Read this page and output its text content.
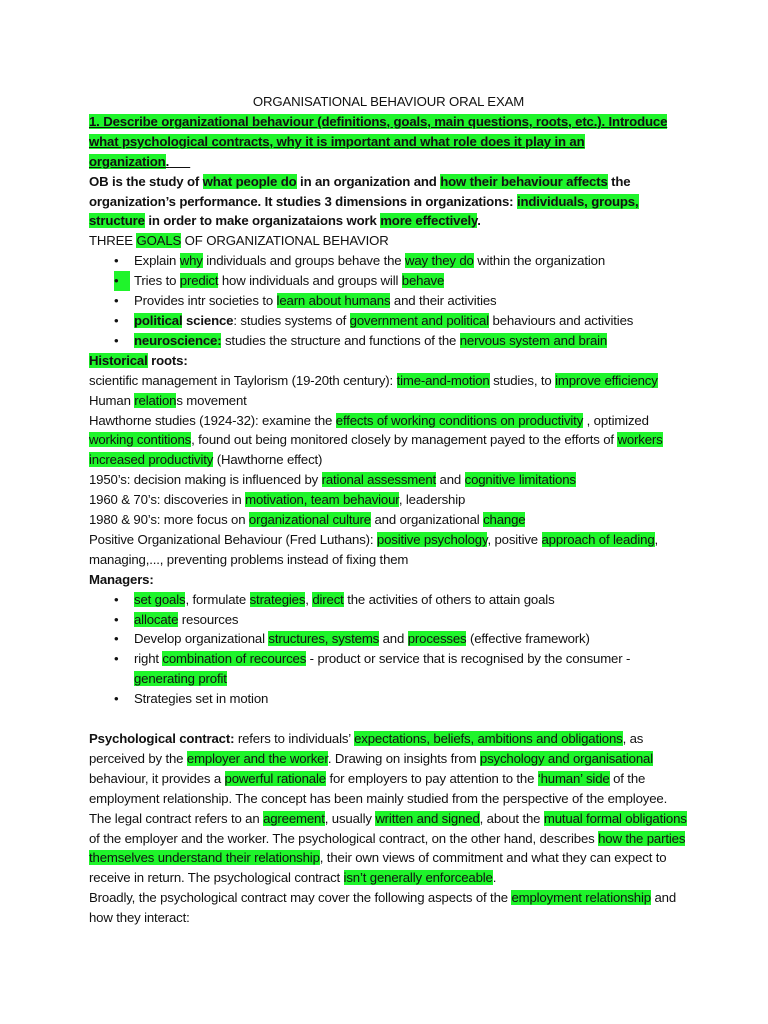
ORGANISATIONAL BEHAVIOUR ORAL EXAM

1. Describe organizational behaviour (definitions, goals, main questions, roots, etc.). Introduce what psychological contracts, why it is important and what role does it play in an organization.

OB is the study of what people do in an organization and how their behaviour affects the organization’s performance. It studies 3 dimensions in organizations: individuals, groups, structure in order to make organizataions work more effectively.

THREE GOALS OF ORGANIZATIONAL BEHAVIOR

•	Explain why individuals and groups behave the way they do within the organization
•	Tries to predict how individuals and groups will behave
•	Provides intr societies to learn about humans and their activities
•	political science: studies systems of government and political behaviours and activities
•	neuroscience: studies the structure and functions of the nervous system and brain

Historical roots:

scientific management in Taylorism (19-20th century): time-and-motion studies, to improve efficiency

Human relations movement

Hawthorne studies (1924-32): examine the effects of working conditions on productivity , optimized working contitions, found out being monitored closely by management payed to the efforts of workers increased productivity (Hawthorne effect)

1950’s: decision making is influenced by rational assessment and cognitive limitations

1960 & 70’s: discoveries in motivation, team behaviour, leadership

1980 & 90’s: more focus on organizational culture and organizational change

Positive Organizational Behaviour (Fred Luthans): positive psychology, positive approach of leading, managing,..., preventing problems instead of fixing them

Managers:

•	set goals, formulate strategies, direct the activities of others to attain goals
•	allocate resources
•	Develop organizational structures, systems and processes (effective framework)
•	right combination of recources - product or service that is recognised by the consumer - generating profit
•	Strategies set in motion

Psychological contract: refers to individuals’ expectations, beliefs, ambitions and obligations, as perceived by the employer and the worker. Drawing on insights from psychology and organisational behaviour, it provides a powerful rationale for employers to pay attention to the ‘human’ side of the employment relationship. The concept has been mainly studied from the perspective of the employee. The legal contract refers to an agreement, usually written and signed, about the mutual formal obligations of the employer and the worker. The psychological contract, on the other hand, describes how the parties themselves understand their relationship, their own views of commitment and what they can expect to receive in return. The psychological contract isn’t generally enforceable.

Broadly, the psychological contract may cover the following aspects of the employment relationship and how they interact:
